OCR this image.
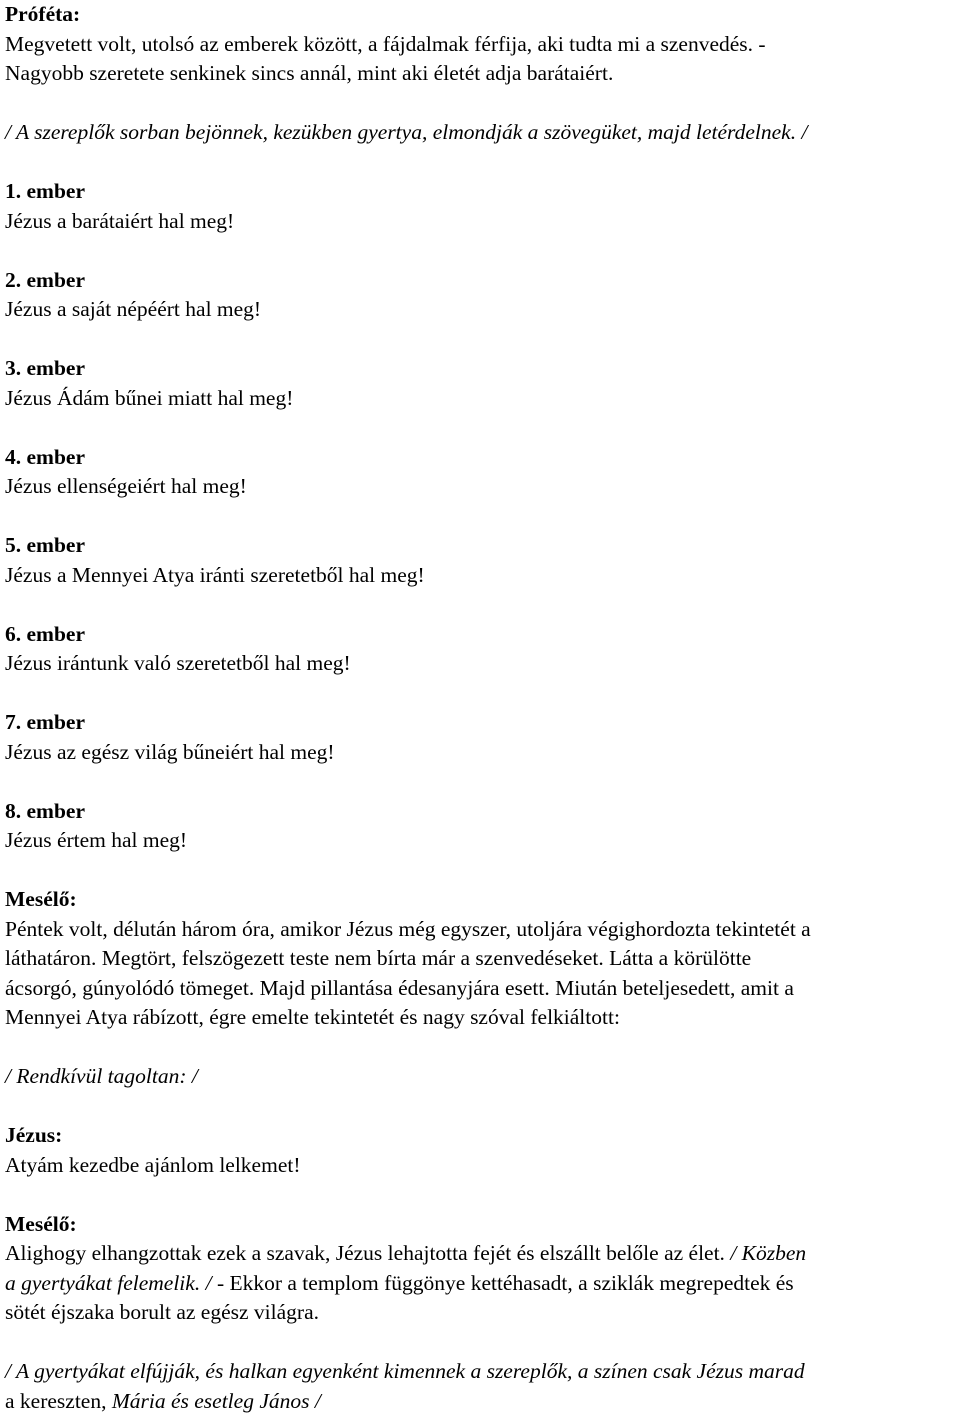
Próféta:

Megvetett volt, utolsó az emberek között, a fájdalmak férfija, aki tudta mi a szenvedés. -

Nagyobb szeretete senkinek sincs annál, mint aki életét adja barátaiért.

/ A szereplők sorban bejönnek, kezükben gyertya, elmondják a szövegüket, majd letérdelnek. /

1. ember

Jézus a barátaiért hal meg!

2. ember

Jézus a saját népéért hal meg!

3. ember

Jézus Ádám bűnei miatt hal meg!

4. ember

Jézus ellenségeiért hal meg!

5. ember

Jézus a Mennyei Atya iránti szeretetből hal meg!

6. ember

Jézus irántunk való szeretetből hal meg!

7. ember

Jézus az egész világ bűneiért hal meg!

8. ember

Jézus értem hal meg!

Mesélő:

Péntek volt, délután három óra, amikor Jézus még egyszer, utoljára végighordozta tekintetét a

láthatáron. Megtört, felszögezett teste nem bírta már a szenvedéseket. Látta a körülötte

ácsorgó, gúnyolódó tömeget. Majd pillantása édesanyjára esett. Miután beteljesedett, amit a

Mennyei Atya rábízott, égre emelte tekintetét és nagy szóval felkiáltott:

/ Rendkívül tagoltan: /

Jézus:

Atyám kezedbe ajánlom lelkemet!

Mesélő:

Alighogy elhangzottak ezek a szavak, Jézus lehajtotta fejét és elszállt belőle az élet. / Közben

a gyertyákat felemelik. / - Ekkor a templom függönye kettéhasadt, a sziklák megrepedtek és

sötét éjszaka borult az egész világra.

/ A gyertyákat elfújják, és halkan egyenként kimennek a szereplők, a színen csak Jézus marad

a kereszten, Mária és esetleg János /
